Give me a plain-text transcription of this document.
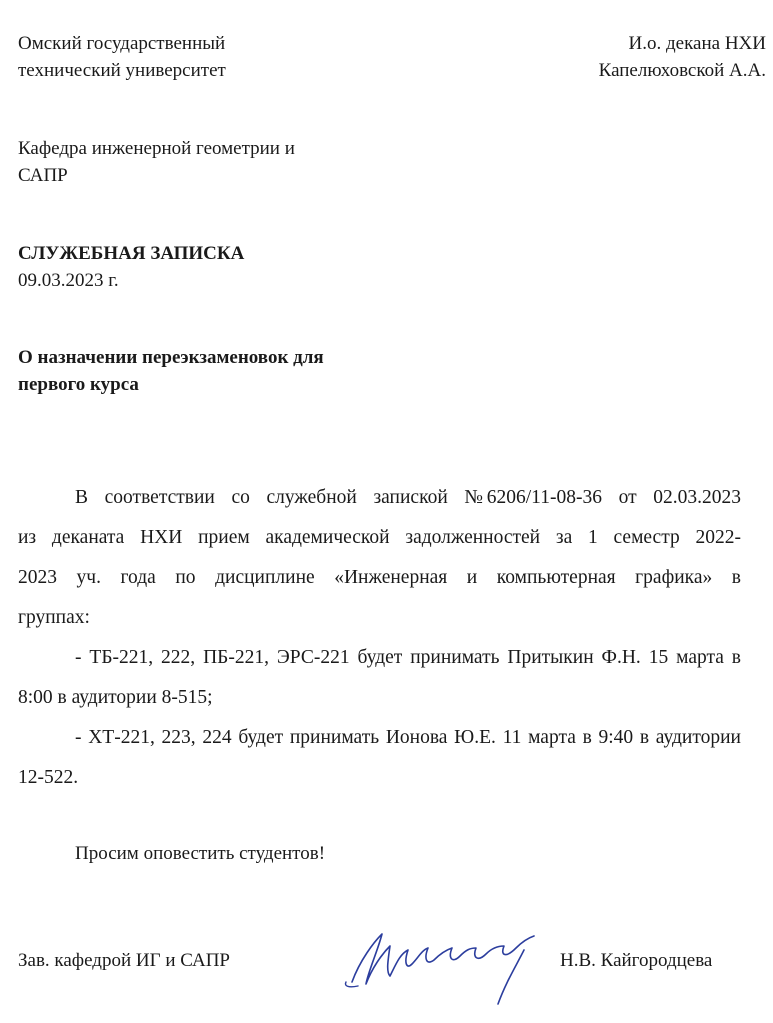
Омский государственный
технический университет
И.о. декана НХИ
Капелюховской А.А.
Кафедра инженерной геометрии и
САПР
СЛУЖЕБНАЯ ЗАПИСКА
09.03.2023 г.
О назначении переэкзаменовок для
первого курса

В соответствии со служебной запиской №6206/11-08-36 от 02.03.2023 из деканата НХИ прием академической задолженностей за 1 семестр 2022-2023 уч. года по дисциплине «Инженерная и компьютерная графика» в группах:

- ТБ-221, 222, ПБ-221, ЭРС-221 будет принимать Притыкин Ф.Н. 15 марта в 8:00 в аудитории 8-515;

- ХТ-221, 223, 224 будет принимать Ионова Ю.Е. 11 марта в 9:40 в аудитории 12-522.

Просим оповестить студентов!
Зав. кафедрой ИГ и САПР	Н.В. Кайгородцева
